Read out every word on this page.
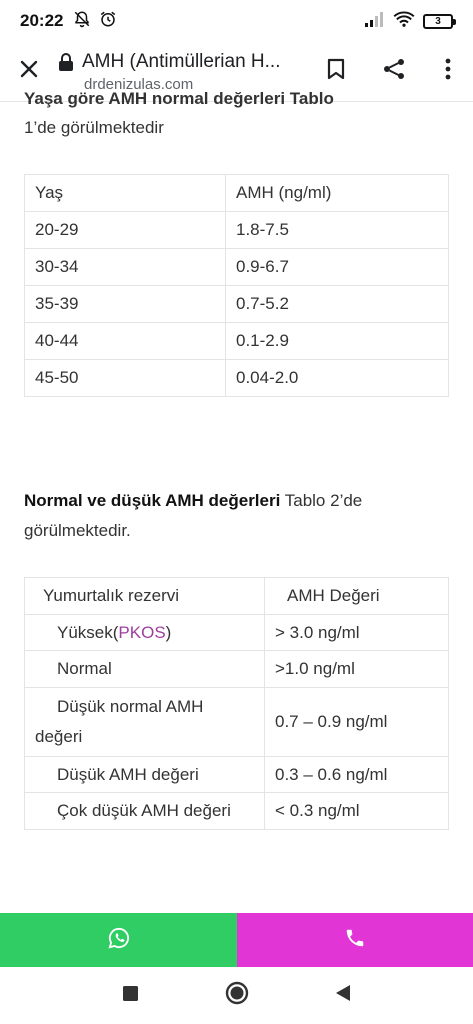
20:22	3
AMH (Antimüllerian H...
drdenizulas.com
Yaşa göre AMH normal değerleri Tablo
1’de görülmektedir
Yaş	AMH (ng/ml)
20-29	1.8-7.5
30-34	0.9-6.7
35-39	0.7-5.2
40-44	0.1-2.9
45-50	0.04-2.0
Normal ve düşük AMH değerleri Tablo 2’de
görülmektedir.
Yumurtalık rezervi	AMH Değeri
Yüksek(PKOS)	> 3.0 ng/ml
Normal	>1.0 ng/ml
Düşük normal AMH
değeri	0.7 – 0.9 ng/ml
Düşük AMH değeri	0.3 – 0.6 ng/ml
Çok düşük AMH değeri	< 0.3 ng/ml
